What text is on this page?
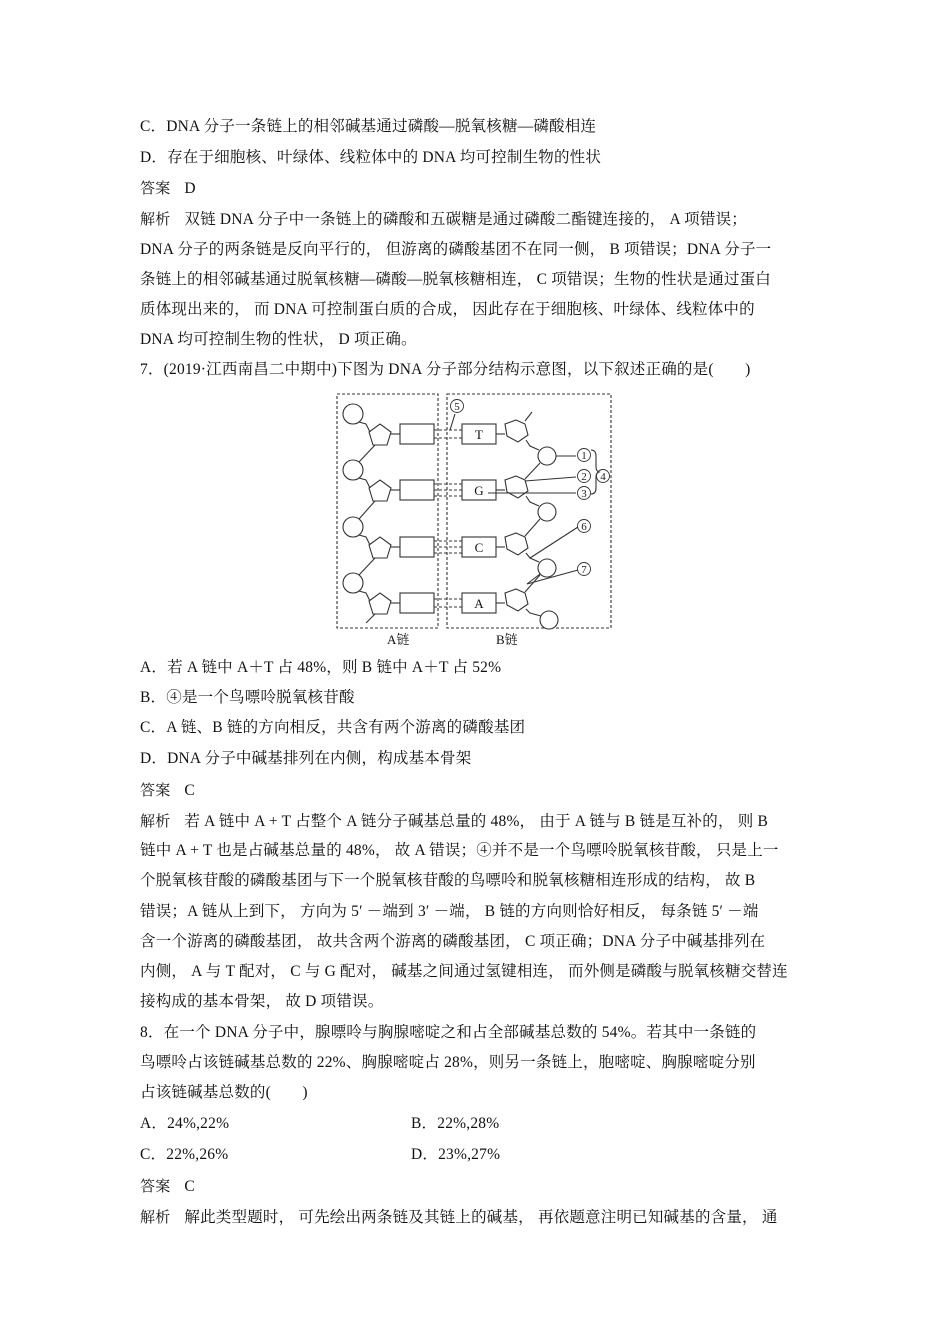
C．DNA 分子一条链上的相邻碱基通过磷酸—脱氧核糖—磷酸相连
D．存在于细胞核、叶绿体、线粒体中的 DNA 均可控制生物的性状
答案 D
解析 双链 DNA 分子中一条链上的磷酸和五碳糖是通过磷酸二酯键连接的， A 项错误；
DNA 分子的两条链是反向平行的， 但游离的磷酸基团不在同一侧， B 项错误；DNA 分子一
条链上的相邻碱基通过脱氧核糖—磷酸—脱氧核糖相连， C 项错误；生物的性状是通过蛋白
质体现出来的， 而 DNA 可控制蛋白质的合成， 因此存在于细胞核、叶绿体、线粒体中的
DNA 均可控制生物的性状， D 项正确。
7．(2019·江西南昌二中期中)下图为 DNA 分子部分结构示意图，以下叙述正确的是(　　)
1
2
3
4
5
6
7
T
G
C
A
A链	B链
A．若 A 链中 A＋T 占 48%，则 B 链中 A＋T 占 52%
B．④是一个鸟嘌呤脱氧核苷酸
C．A 链、B 链的方向相反，共含有两个游离的磷酸基团
D．DNA 分子中碱基排列在内侧，构成基本骨架
答案 C
解析 若 A 链中 A + T 占整个 A 链分子碱基总量的 48%， 由于 A 链与 B 链是互补的， 则 B
链中 A + T 也是占碱基总量的 48%， 故 A 错误；④并不是一个鸟嘌呤脱氧核苷酸， 只是上一
个脱氧核苷酸的磷酸基团与下一个脱氧核苷酸的鸟嘌呤和脱氧核糖相连形成的结构， 故 B
错误；A 链从上到下， 方向为 5′ －端到 3′ －端， B 链的方向则恰好相反， 每条链 5′ －端
含一个游离的磷酸基团， 故共含两个游离的磷酸基团， C 项正确；DNA 分子中碱基排列在
内侧， A 与 T 配对， C 与 G 配对， 碱基之间通过氢键相连， 而外侧是磷酸与脱氧核糖交替连
接构成的基本骨架， 故 D 项错误。
8．在一个 DNA 分子中，腺嘌呤与胸腺嘧啶之和占全部碱基总数的 54%。若其中一条链的
鸟嘌呤占该链碱基总数的 22%、胸腺嘧啶占 28%，则另一条链上，胞嘧啶、胸腺嘧啶分别
占该链碱基总数的(　　)
A．24%,22%	B．22%,28%
C．22%,26%	D．23%,27%
答案 C
解析 解此类型题时， 可先绘出两条链及其链上的碱基， 再依题意注明已知碱基的含量， 通
